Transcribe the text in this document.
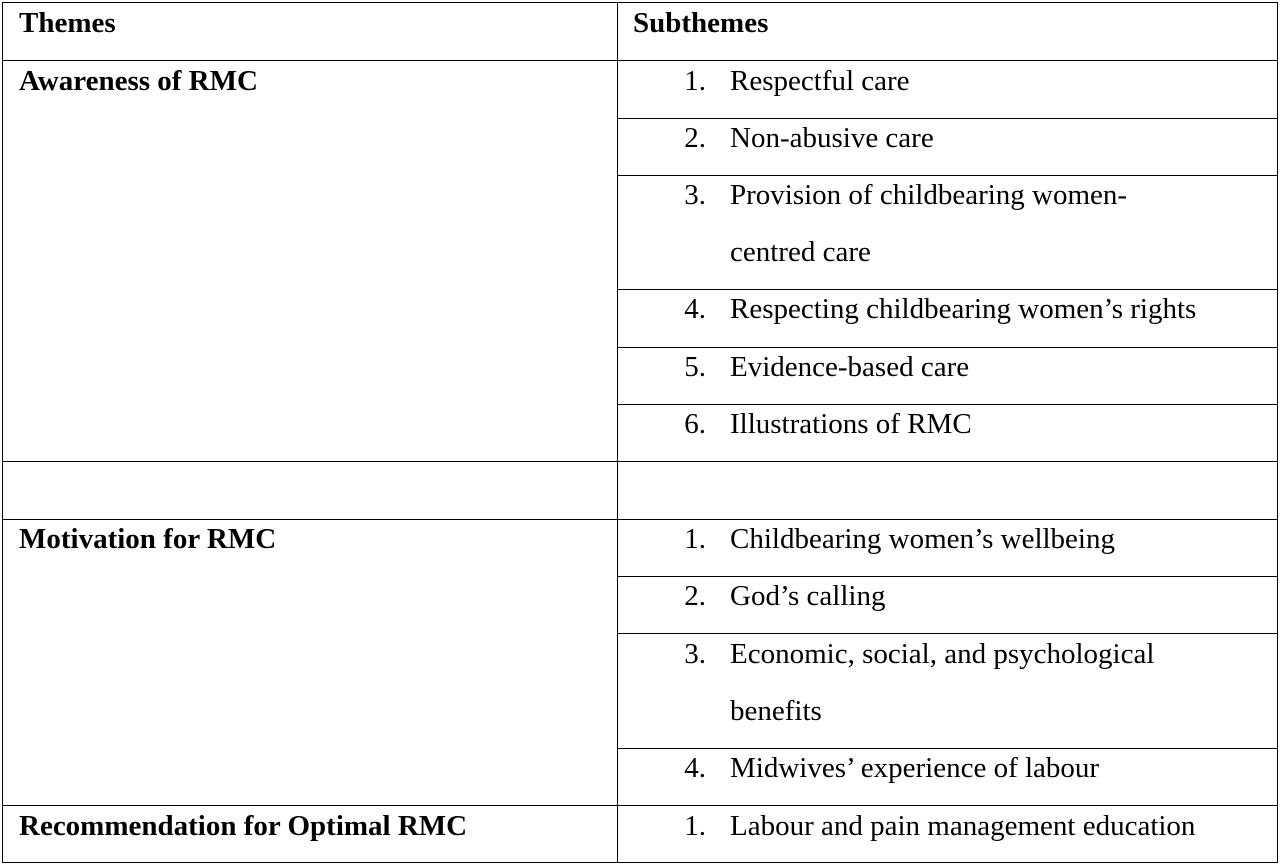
Themes	Subthemes
Awareness of RMC	1. Respectful care
2. Non-abusive care
3. Provision of childbearing women-
centred care
4. Respecting childbearing women’s rights
5. Evidence-based care
6. Illustrations of RMC
Motivation for RMC	1. Childbearing women’s wellbeing
2. God’s calling
3. Economic, social, and psychological
benefits
4. Midwives’ experience of labour
Recommendation for Optimal RMC	1. Labour and pain management education
